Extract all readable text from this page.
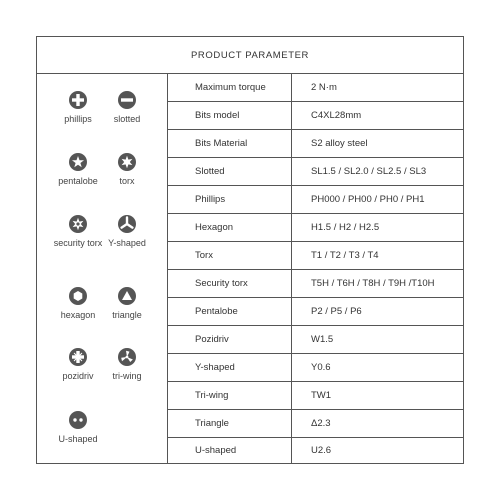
PRODUCT PARAMETER
phillips slotted
pentalobe torx
security torx Y-shaped
hexagon triangle
pozidriv tri-wing
U-shaped
Maximum torque	2 N·m
Bits model	C4XL28mm
Bits Material	S2 alloy steel
Slotted	SL1.5 / SL2.0 / SL2.5 / SL3
Phillips	PH000 / PH00 / PH0 / PH1
Hexagon	H1.5 / H2 / H2.5
Torx	T1 / T2 / T3 / T4
Security torx	T5H / T6H / T8H / T9H /T10H
Pentalobe	P2 / P5 / P6
Pozidriv	W1.5
Y-shaped	Y0.6
Tri-wing	TW1
Triangle	Δ2.3
U-shaped	U2.6
